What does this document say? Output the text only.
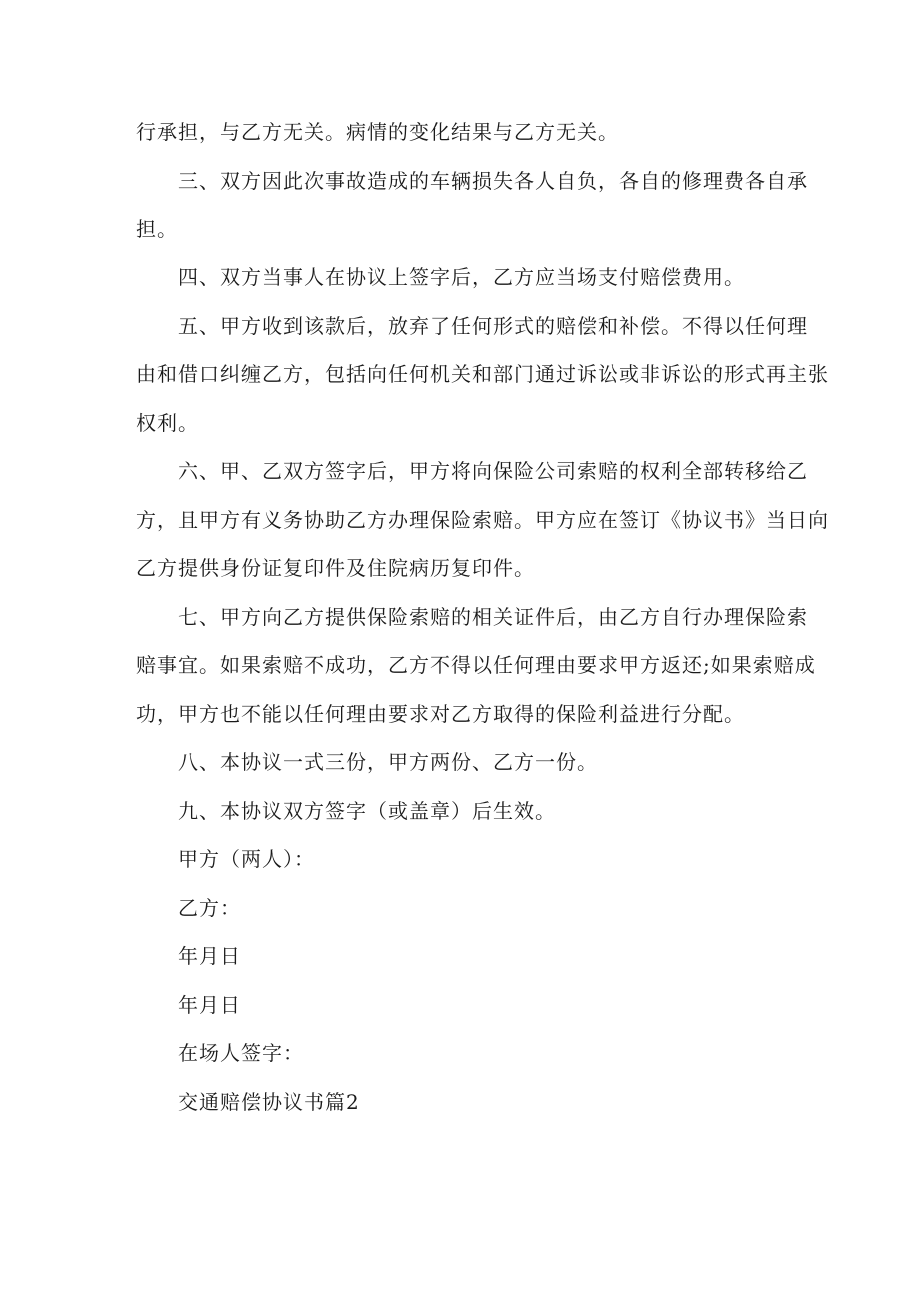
行承担，与乙方无关。病情的变化结果与乙方无关。
三、双方因此次事故造成的车辆损失各人自负，各自的修理费各自承
担。
四、双方当事人在协议上签字后，乙方应当场支付赔偿费用。
五、甲方收到该款后，放弃了任何形式的赔偿和补偿。不得以任何理
由和借口纠缠乙方，包括向任何机关和部门通过诉讼或非诉讼的形式再主张
权利。
六、甲、乙双方签字后，甲方将向保险公司索赔的权利全部转移给乙
方，且甲方有义务协助乙方办理保险索赔。甲方应在签订《协议书》当日向
乙方提供身份证复印件及住院病历复印件。
七、甲方向乙方提供保险索赔的相关证件后，由乙方自行办理保险索
赔事宜。如果索赔不成功，乙方不得以任何理由要求甲方返还;如果索赔成
功，甲方也不能以任何理由要求对乙方取得的保险利益进行分配。
八、本协议一式三份，甲方两份、乙方一份。
九、本协议双方签字（或盖章）后生效。
甲方（两人）：
乙方：
年月日
年月日
在场人签字：
交通赔偿协议书篇2
